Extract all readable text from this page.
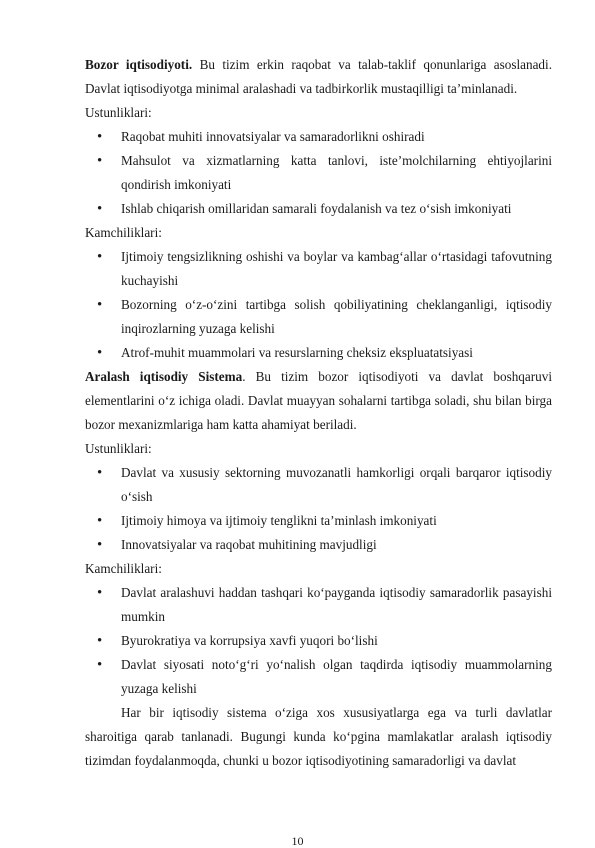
Bozor iqtisodiyoti. Bu tizim erkin raqobat va talab-taklif qonunlariga asoslanadi. Davlat iqtisodiyotga minimal aralashadi va tadbirkorlik mustaqilligi ta’minlanadi.

Ustunliklari:

• Raqobat muhiti innovatsiyalar va samaradorlikni oshiradi

• Mahsulot va xizmatlarning katta tanlovi, iste’molchilarning ehtiyojlarini qondirish imkoniyati

• Ishlab chiqarish omillaridan samarali foydalanish va tez o‘sish imkoniyati

Kamchiliklari:

• Ijtimoiy tengsizlikning oshishi va boylar va kambag‘allar o‘rtasidagi tafovutning kuchayishi

• Bozorning o‘z-o‘zini tartibga solish qobiliyatining cheklanganligi, iqtisodiy inqirozlarning yuzaga kelishi

• Atrof-muhit muammolari va resurslarning cheksiz ekspluatatsiyasi

Aralash iqtisodiy Sistema. Bu tizim bozor iqtisodiyoti va davlat boshqaruvi elementlarini o‘z ichiga oladi. Davlat muayyan sohalarni tartibga soladi, shu bilan birga bozor mexanizmlariga ham katta ahamiyat beriladi.

Ustunliklari:

• Davlat va xususiy sektorning muvozanatli hamkorligi orqali barqaror iqtisodiy o‘sish

• Ijtimoiy himoya va ijtimoiy tenglikni ta’minlash imkoniyati

• Innovatsiyalar va raqobat muhitining mavjudligi

Kamchiliklari:

• Davlat aralashuvi haddan tashqari ko‘payganda iqtisodiy samaradorlik pasayishi mumkin

• Byurokratiya va korrupsiya xavfi yuqori bo‘lishi

• Davlat siyosati noto‘g‘ri yo‘nalish olgan taqdirda iqtisodiy muammolarning yuzaga kelishi

Har bir iqtisodiy sistema o‘ziga xos xususiyatlarga ega va turli davlatlar sharoitiga qarab tanlanadi. Bugungi kunda ko‘pgina mamlakatlar aralash iqtisodiy tizimdan foydalanmoqda, chunki u bozor iqtisodiyotining samaradorligi va davlat

10
